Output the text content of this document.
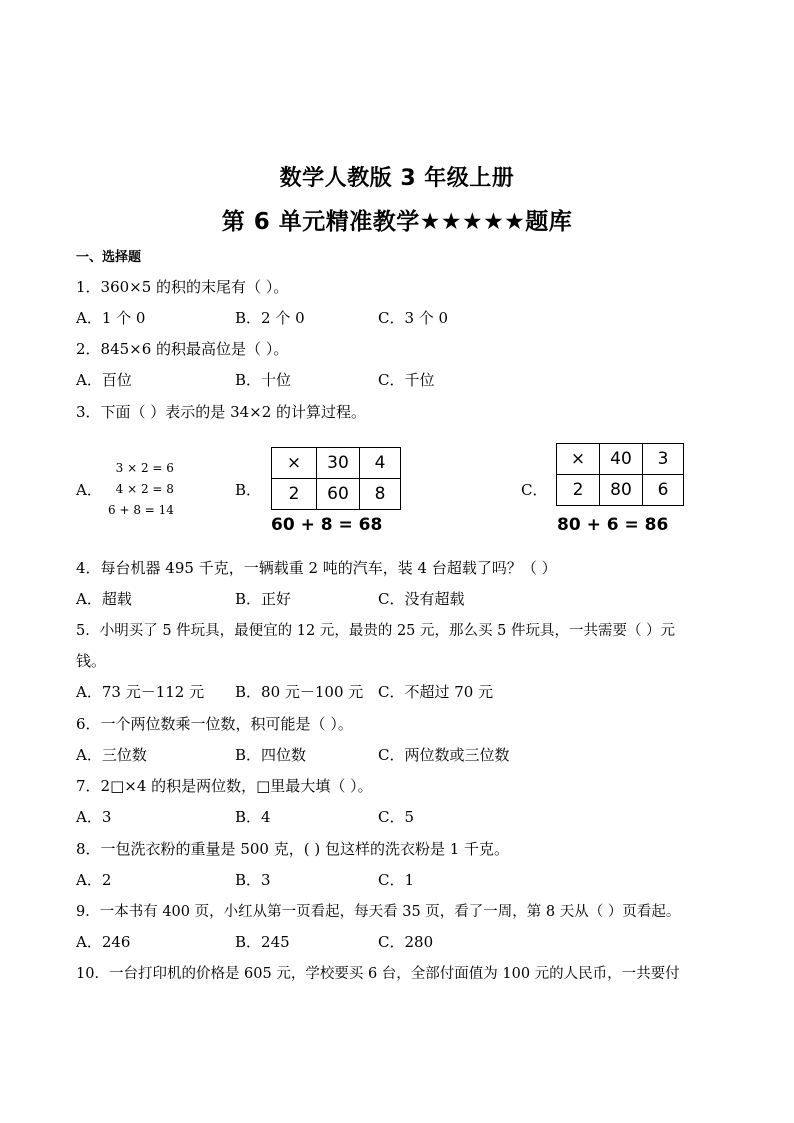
数学人教版 3 年级上册
第 6 单元精准教学★★★★★题库
一、选择题
1．360×5 的积的末尾有（ ）。
A．1 个 0	B．2 个 0	C．3 个 0
2．845×6 的积最高位是（ ）。
A．百位	B．十位	C．千位
3．下面（ ）表示的是 34×2 的计算过程。
A．
3 × 2 = 6
4 × 2 = 8
6 + 8 = 14
B．
×	30	4
2	60	8
60 + 8 = 68
C．
×	40	3
2	80	6
80 + 6 = 86
4．每台机器 495 千克，一辆载重 2 吨的汽车，装 4 台超载了吗？（ ）
A．超载	B．正好	C．没有超载
5．小明买了 5 件玩具，最便宜的 12 元，最贵的 25 元，那么买 5 件玩具，一共需要（ ）元
钱。
A．73 元－112 元 B．80 元－100 元 C．不超过 70 元
6．一个两位数乘一位数，积可能是（ ）。
A．三位数	B．四位数	C．两位数或三位数
7．2□×4 的积是两位数，□里最大填（ ）。
A．3	B．4	C．5
8．一包洗衣粉的重量是 500 克，( ) 包这样的洗衣粉是 1 千克。
A．2	B．3	C．1
9．一本书有 400 页，小红从第一页看起，每天看 35 页，看了一周，第 8 天从（ ）页看起。
A．246	B．245	C．280
10．一台打印机的价格是 605 元，学校要买 6 台，全部付面值为 100 元的人民币，一共要付
